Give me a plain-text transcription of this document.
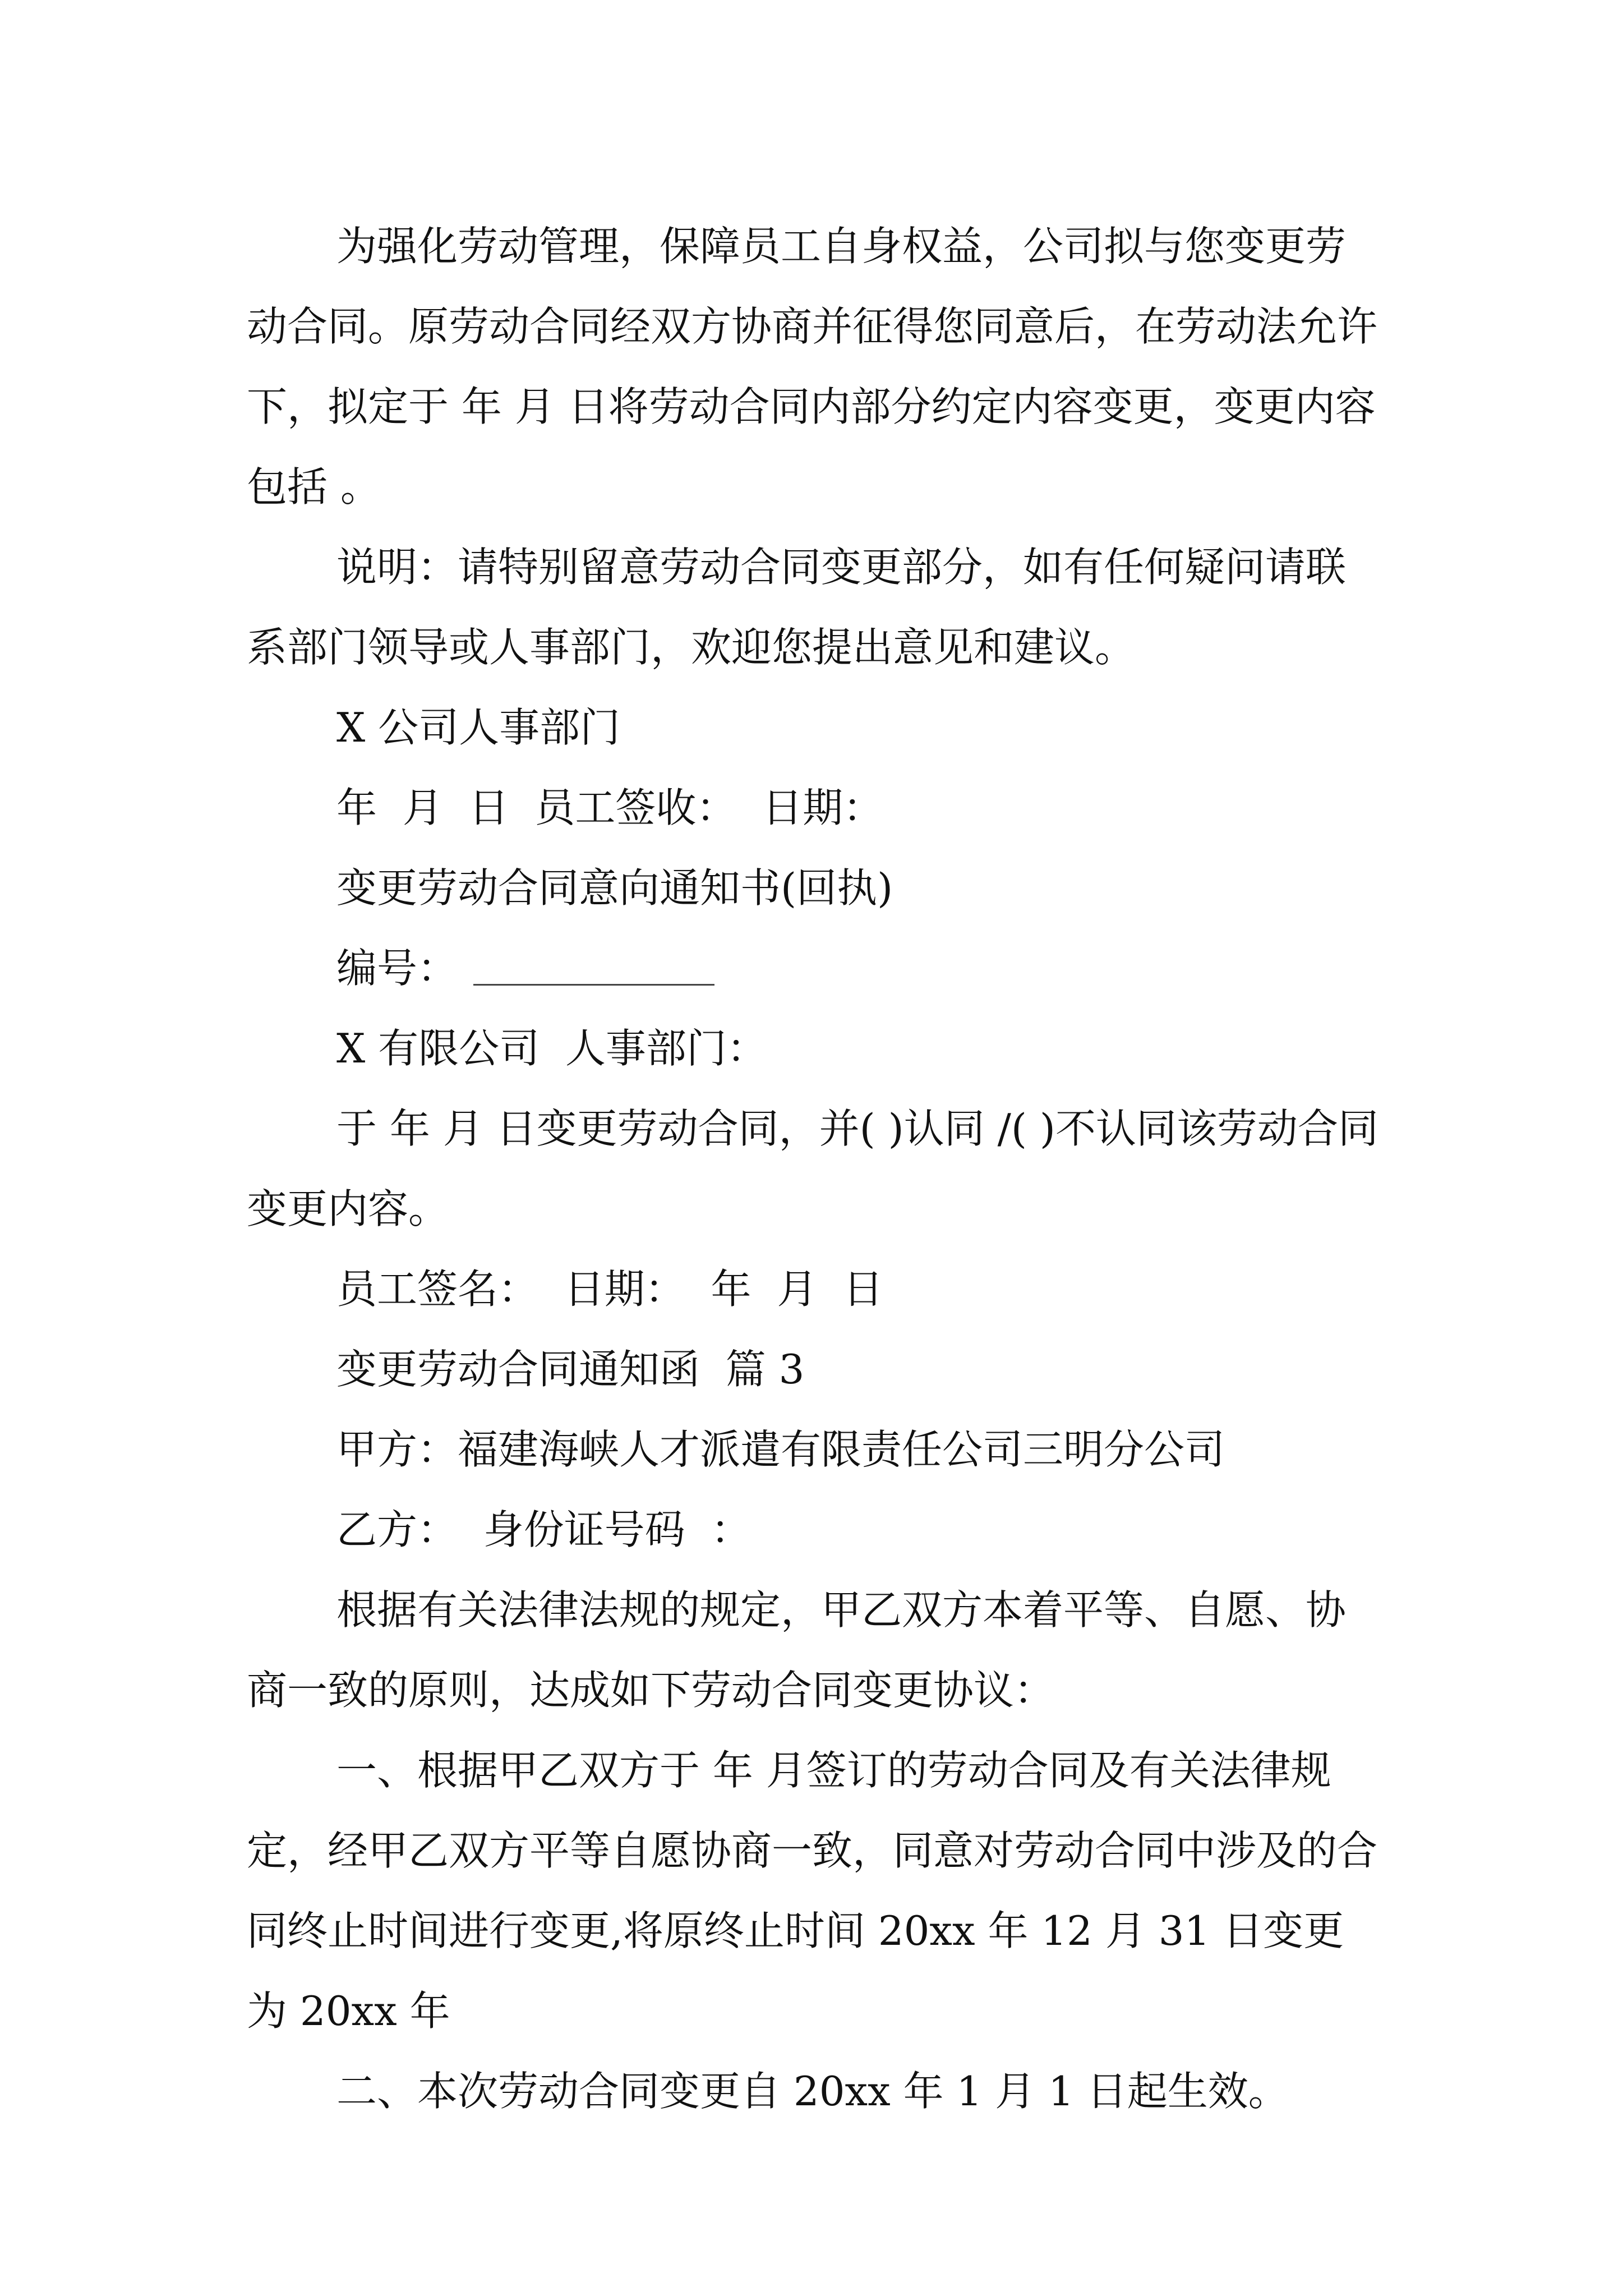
为强化劳动管理，保障员工自身权益，公司拟与您变更劳动合同。原劳动合同经双方协商并征得您同意后，在劳动法允许下，拟定于 年 月 日将劳动合同内部分约定内容变更，变更内容包括 。

说明：请特别留意劳动合同变更部分，如有任何疑问请联系部门领导或人事部门，欢迎您提出意见和建议。

X 公司人事部门

年  月  日  员工签收：  日期：

变更劳动合同意向通知书(回执)

编号：

X 有限公司  人事部门：

于 年 月 日变更劳动合同，并( )认同 /( )不认同该劳动合同变更内容。

员工签名：  日期：  年  月  日

变更劳动合同通知函  篇 3

甲方：福建海峡人才派遣有限责任公司三明分公司

乙方：  身份证号码  ：

根据有关法律法规的规定，甲乙双方本着平等、自愿、协商一致的原则，达成如下劳动合同变更协议：

一、根据甲乙双方于 年 月签订的劳动合同及有关法律规定，经甲乙双方平等自愿协商一致，同意对劳动合同中涉及的合同终止时间进行变更,将原终止时间 20xx 年 12 月 31 日变更为 20xx 年

二、本次劳动合同变更自 20xx 年 1 月 1 日起生效。
